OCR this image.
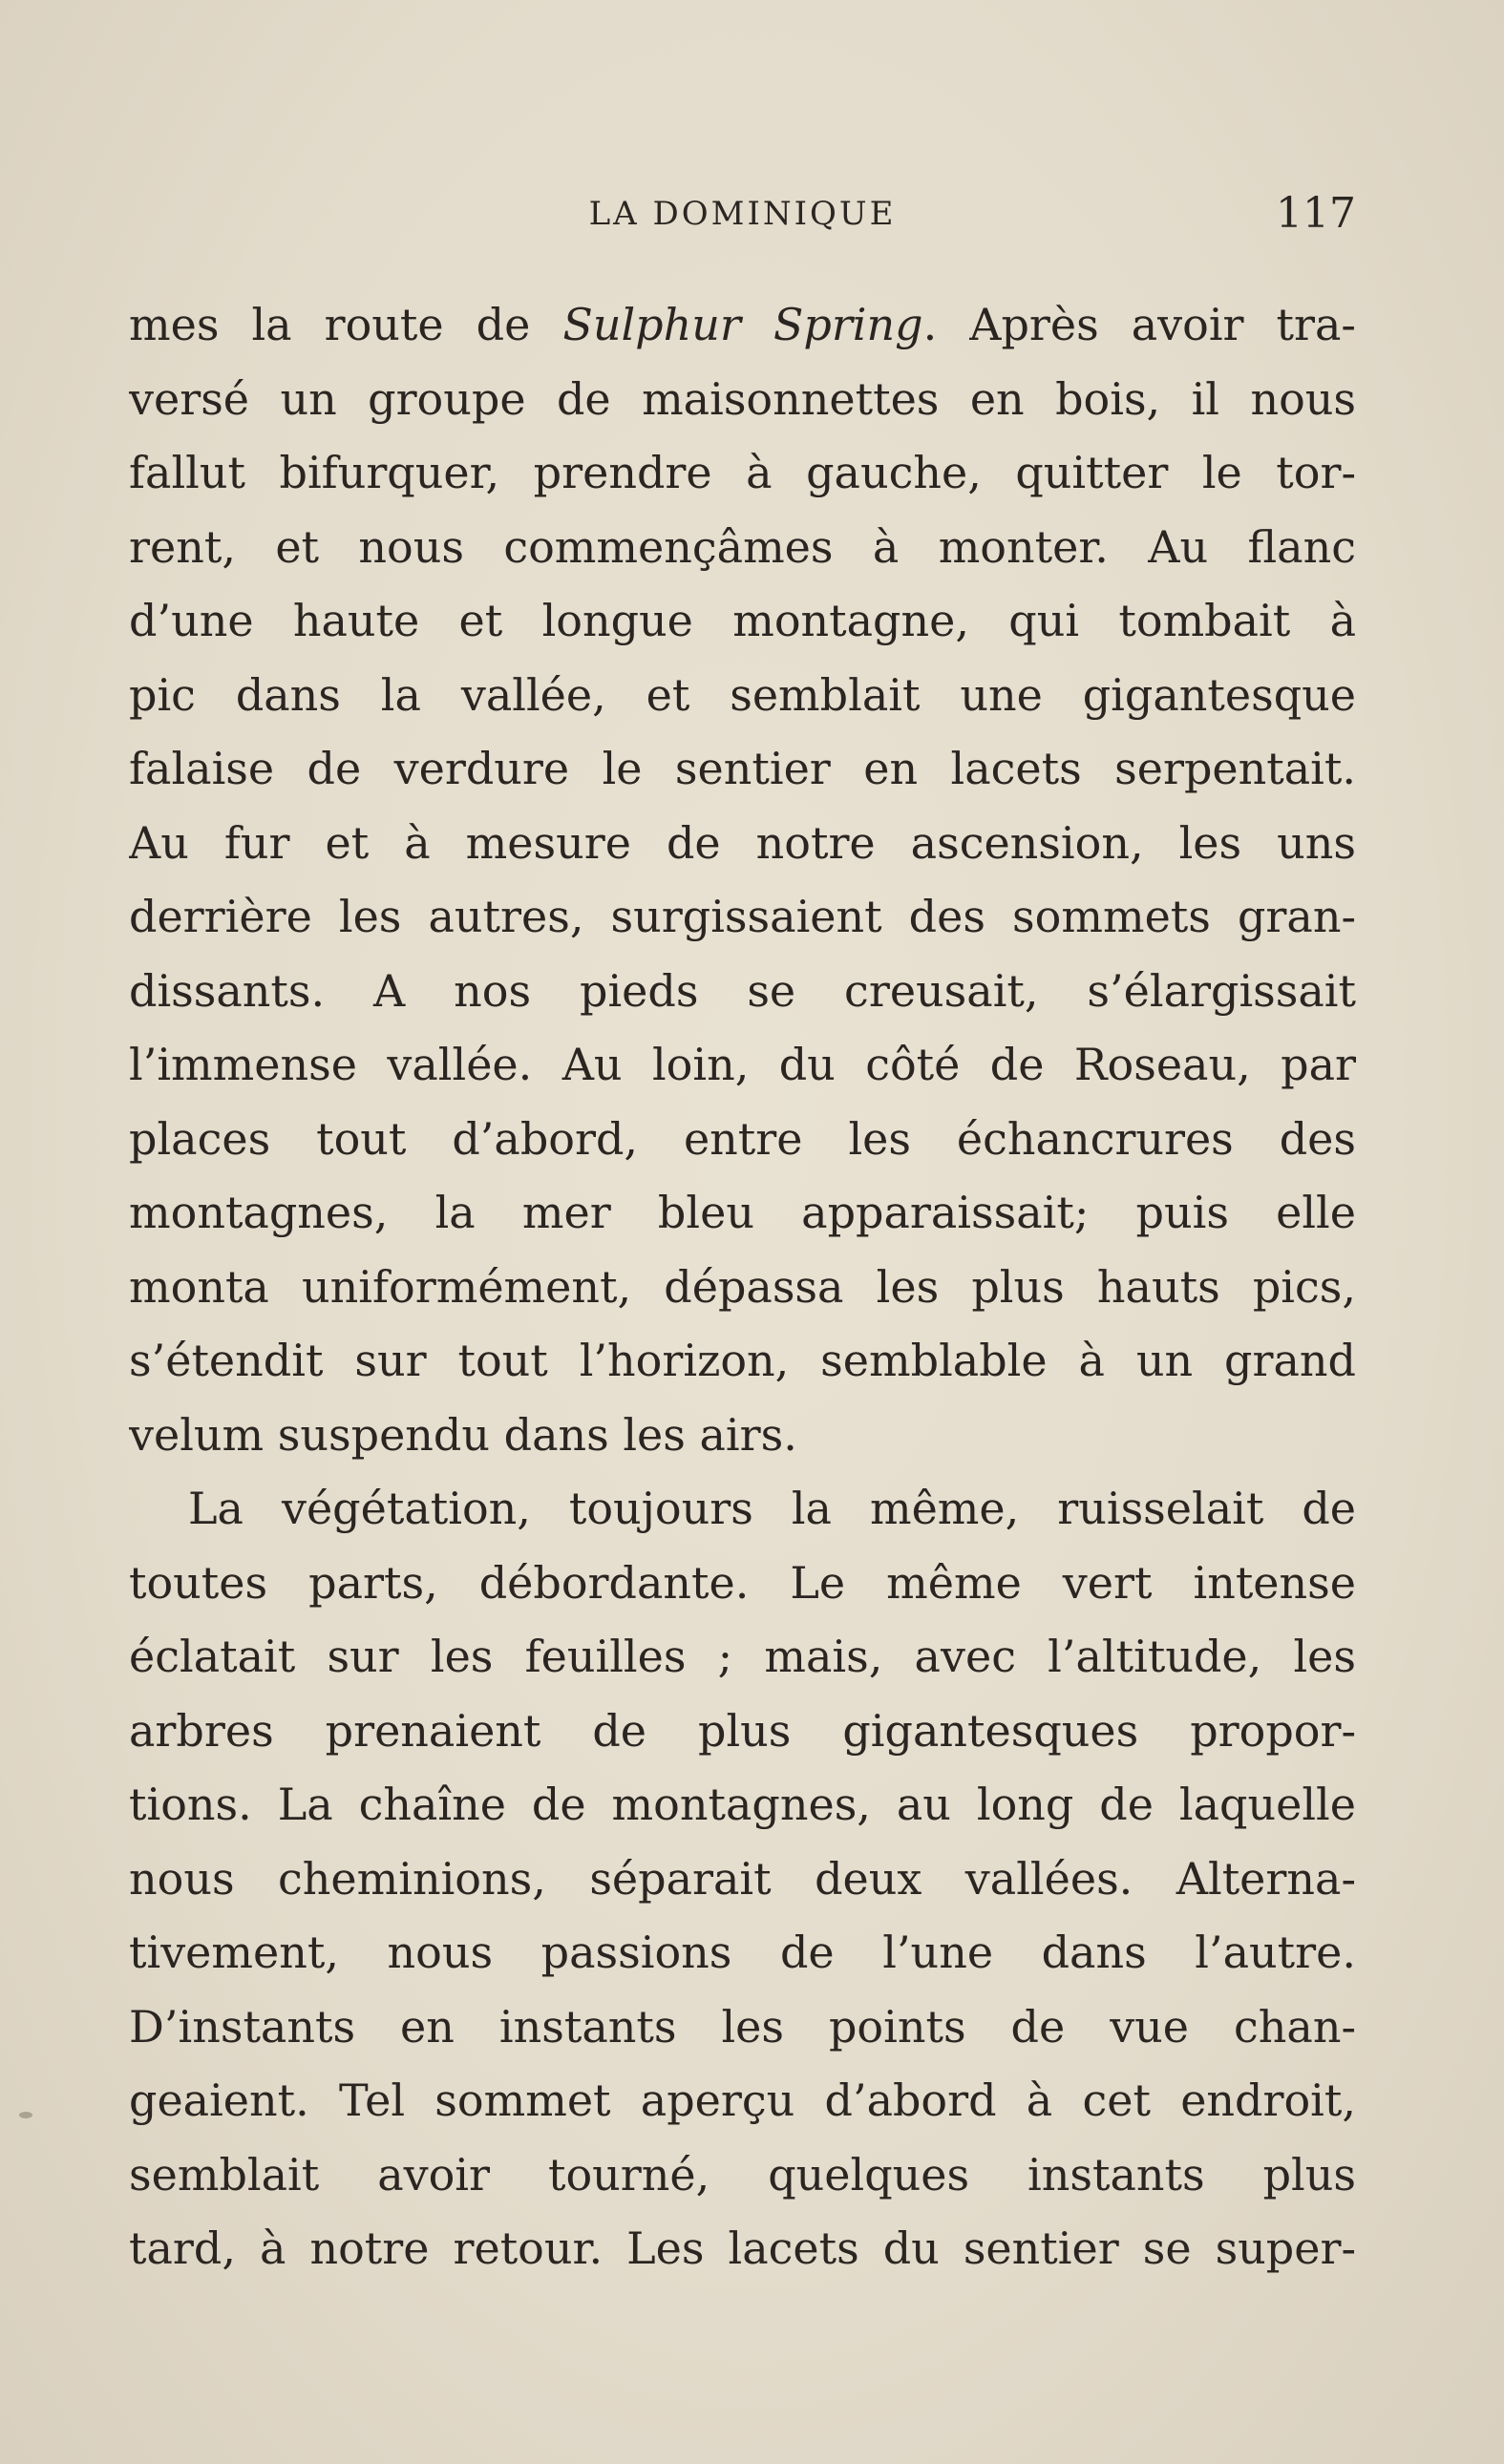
LA DOMINIQUE	117
mes la route de Sulphur Spring. Après avoir tra-
versé un groupe de maisonnettes en bois, il nous
fallut bifurquer, prendre à gauche, quitter le tor-
rent, et nous commençâmes à monter. Au flanc
d’une haute et longue montagne, qui tombait à
pic dans la vallée, et semblait une gigantesque
falaise de verdure le sentier en lacets serpentait.
Au fur et à mesure de notre ascension, les uns
derrière les autres, surgissaient des sommets gran-
dissants. A nos pieds se creusait, s’élargissait
l’immense vallée. Au loin, du côté de Roseau, par
places tout d’abord, entre les échancrures des
montagnes, la mer bleu apparaissait; puis elle
monta uniformément, dépassa les plus hauts pics,
s’étendit sur tout l’horizon, semblable à un grand
velum suspendu dans les airs.
La végétation, toujours la même, ruisselait de
toutes parts, débordante. Le même vert intense
éclatait sur les feuilles ; mais, avec l’altitude, les
arbres prenaient de plus gigantesques propor-
tions. La chaîne de montagnes, au long de laquelle
nous cheminions, séparait deux vallées. Alterna-
tivement, nous passions de l’une dans l’autre.
D’instants en instants les points de vue chan-
geaient. Tel sommet aperçu d’abord à cet endroit,
semblait avoir tourné, quelques instants plus
tard, à notre retour. Les lacets du sentier se super-
